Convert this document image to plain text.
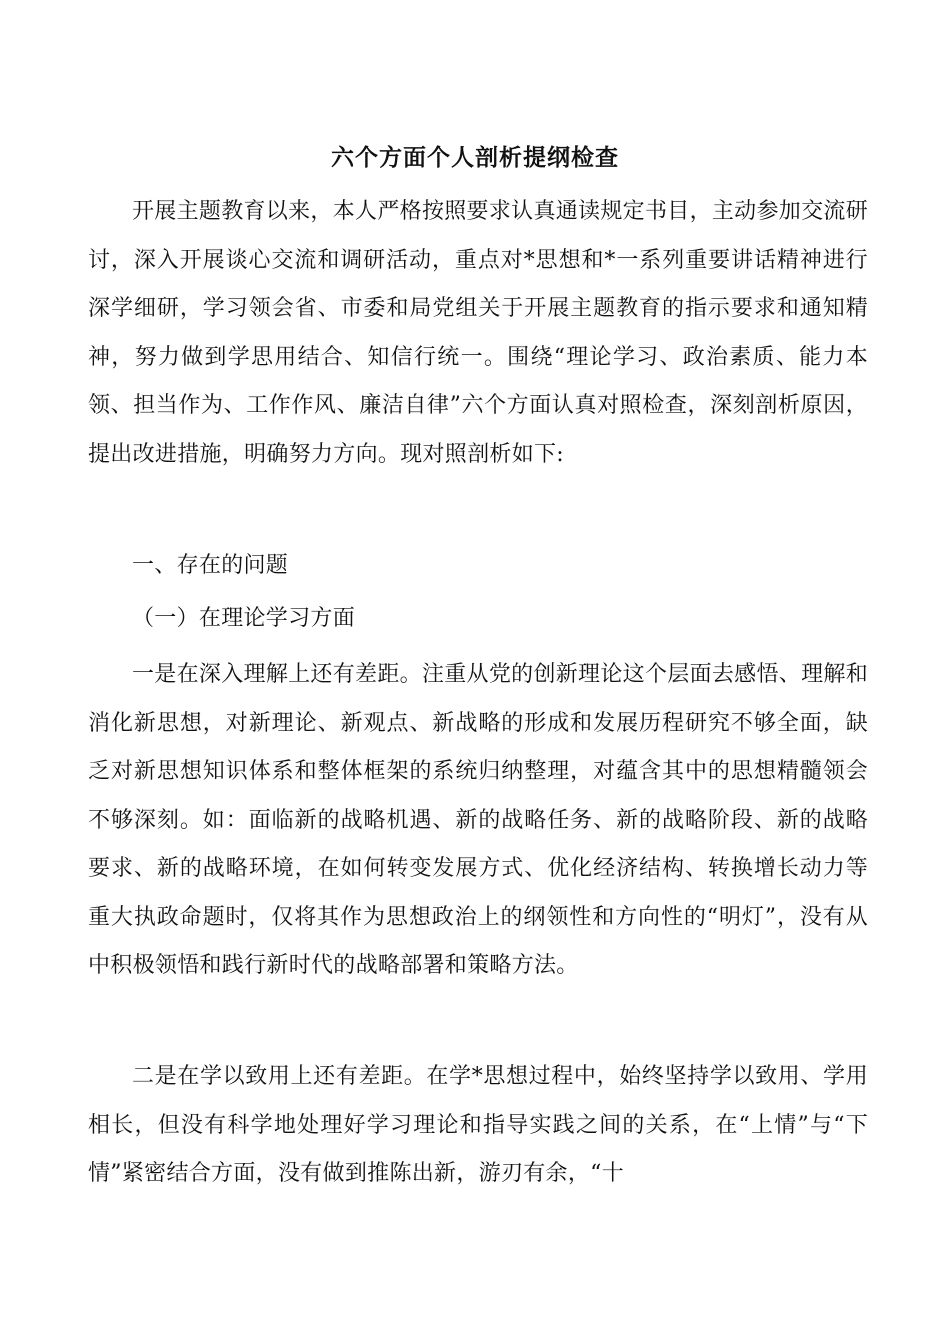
六个方面个人剖析提纲检查
开展主题教育以来，本人严格按照要求认真通读规定书目，主动参加交流研讨，深入开展谈心交流和调研活动，重点对*思想和*一系列重要讲话精神进行深学细研，学习领会省、市委和局党组关于开展主题教育的指示要求和通知精神，努力做到学思用结合、知信行统一。围绕“理论学习、政治素质、能力本领、担当作为、工作作风、廉洁自律”六个方面认真对照检查，深刻剖析原因，提出改进措施，明确努力方向。现对照剖析如下:
一、存在的问题
（一）在理论学习方面
一是在深入理解上还有差距。注重从党的创新理论这个层面去感悟、理解和消化新思想，对新理论、新观点、新战略的形成和发展历程研究不够全面，缺乏对新思想知识体系和整体框架的系统归纳整理，对蕴含其中的思想精髓领会不够深刻。如：面临新的战略机遇、新的战略任务、新的战略阶段、新的战略要求、新的战略环境，在如何转变发展方式、优化经济结构、转换增长动力等重大执政命题时，仅将其作为思想政治上的纲领性和方向性的“明灯”，没有从中积极领悟和践行新时代的战略部署和策略方法。
二是在学以致用上还有差距。在学*思想过程中，始终坚持学以致用、学用相长，但没有科学地处理好学习理论和指导实践之间的关系，在“上情”与“下情”紧密结合方面，没有做到推陈出新，游刃有余，“十
